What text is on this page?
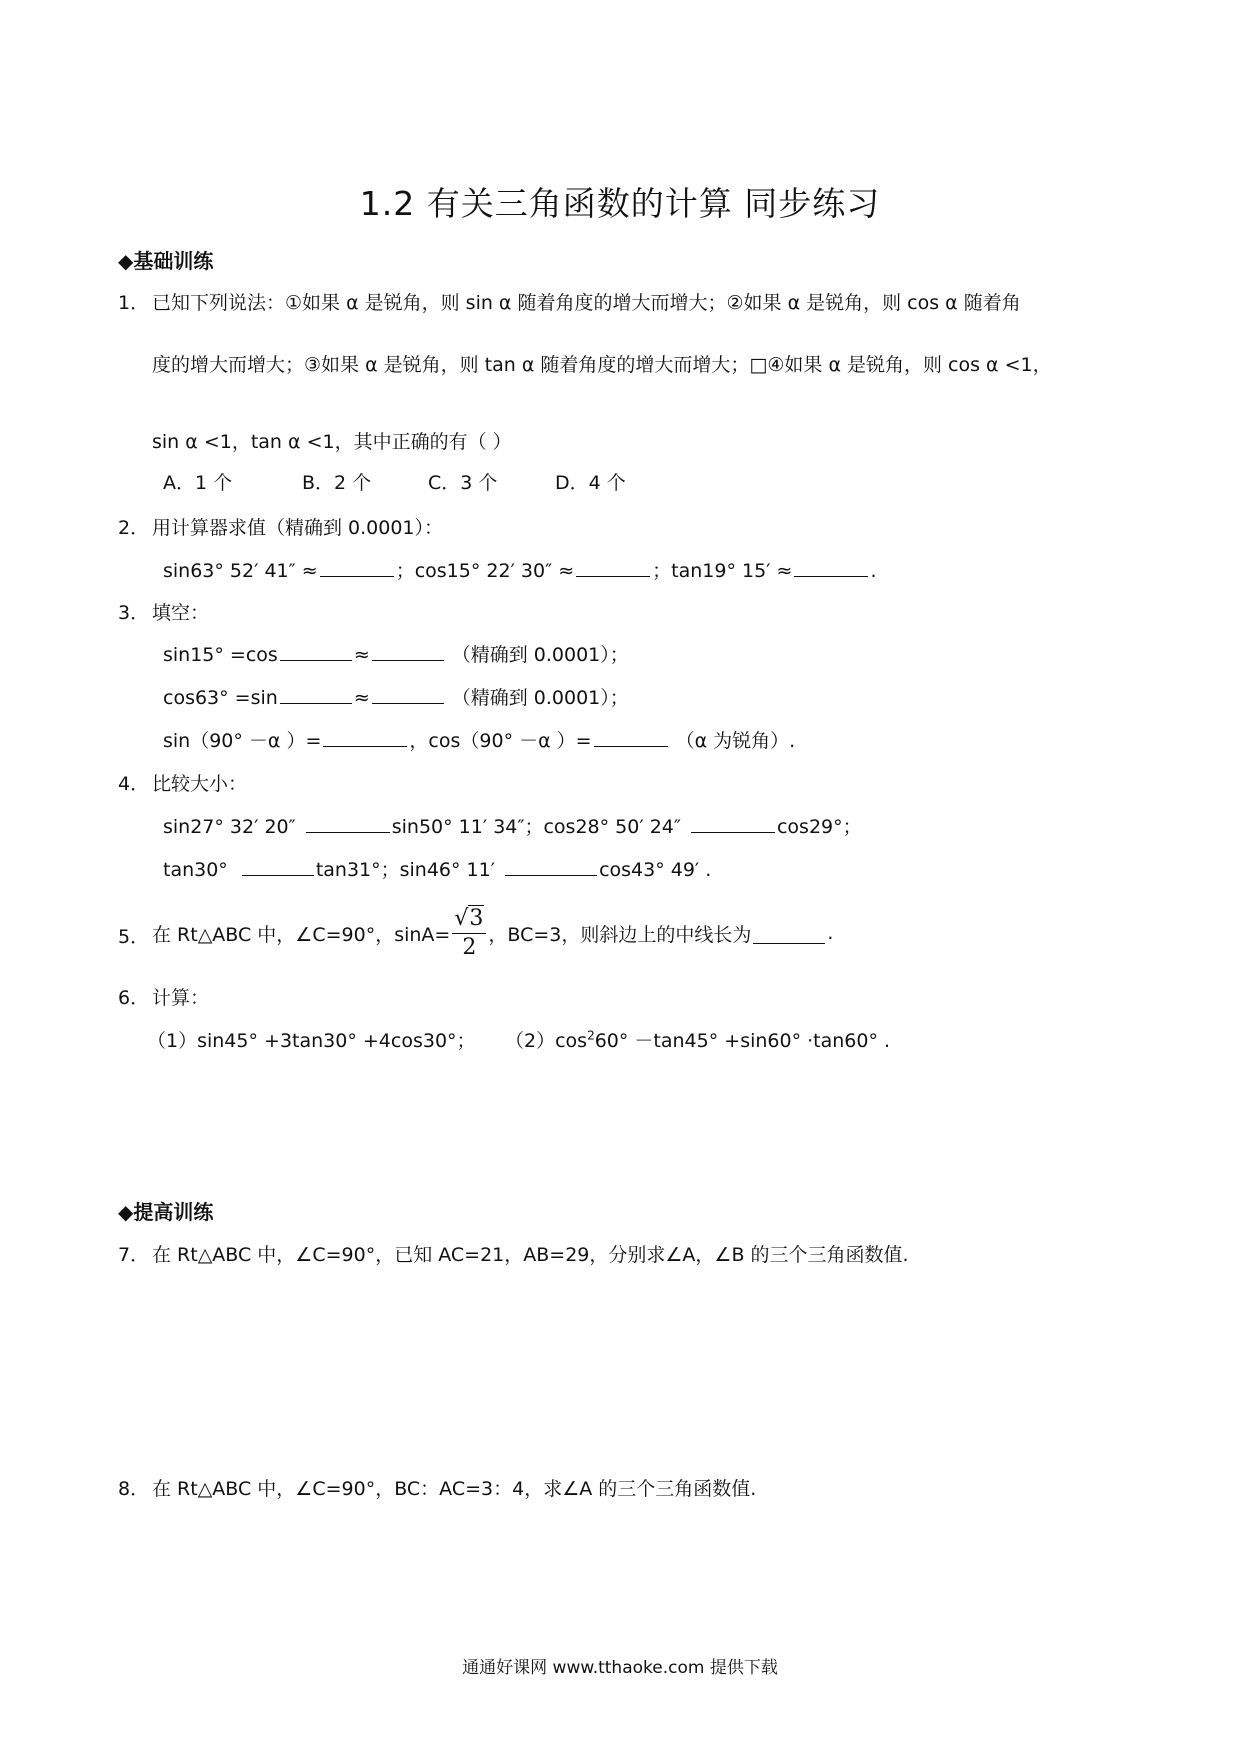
1.2 有关三角函数的计算 同步练习
◆基础训练
1． 已知下列说法：①如果 α 是锐角，则 sin α 随着角度的增大而增大；②如果 α 是锐角，则 cos α 随着角
度的增大而增大；③如果 α 是锐角，则 tan α 随着角度的增大而增大；□④如果 α 是锐角，则 cos α <1，
sin α <1，tan α <1，其中正确的有（ ）
A．1 个	B．2 个	C．3 个	D．4 个
2． 用计算器求值（精确到 0.0001）：
sin63° 52′ 41″ ≈	；cos15° 22′ 30″ ≈	；tan19° 15′ ≈	.
3． 填空：
sin15° =cos	≈	（精确到 0.0001）；
cos63° =sin	≈	（精确到 0.0001）；
sin（90° －α ）=	，cos（90° －α ）=	（α 为锐角）.
4． 比较大小：
sin27° 32′ 20″	sin50° 11′ 34″；cos28° 50′ 24″	cos29°；
tan30°	tan31°；sin46° 11′	cos43° 49′ .
5． 在 Rt△ABC 中，∠C=90°，$\sin A= \frac{√3}{2}$ ，BC=3，则斜边上的中线长为	.
6． 计算：
（1）sin45° +3tan30° +4cos30°； $(2)\cos^260^\circ -\tan 45^\circ +\sin 60^\circ \cdot\tan 60^\circ$ .
◆提高训练
7． 在 Rt△ABC 中，∠C=90°，已知 AC=21，AB=29，分别求∠A，∠B 的三个三角函数值.
8． 在 Rt△ABC 中，∠C=90°，BC：AC=3：4，求∠A 的三个三角函数值.
通通好课网 www.tthaoke.com 提供下载
